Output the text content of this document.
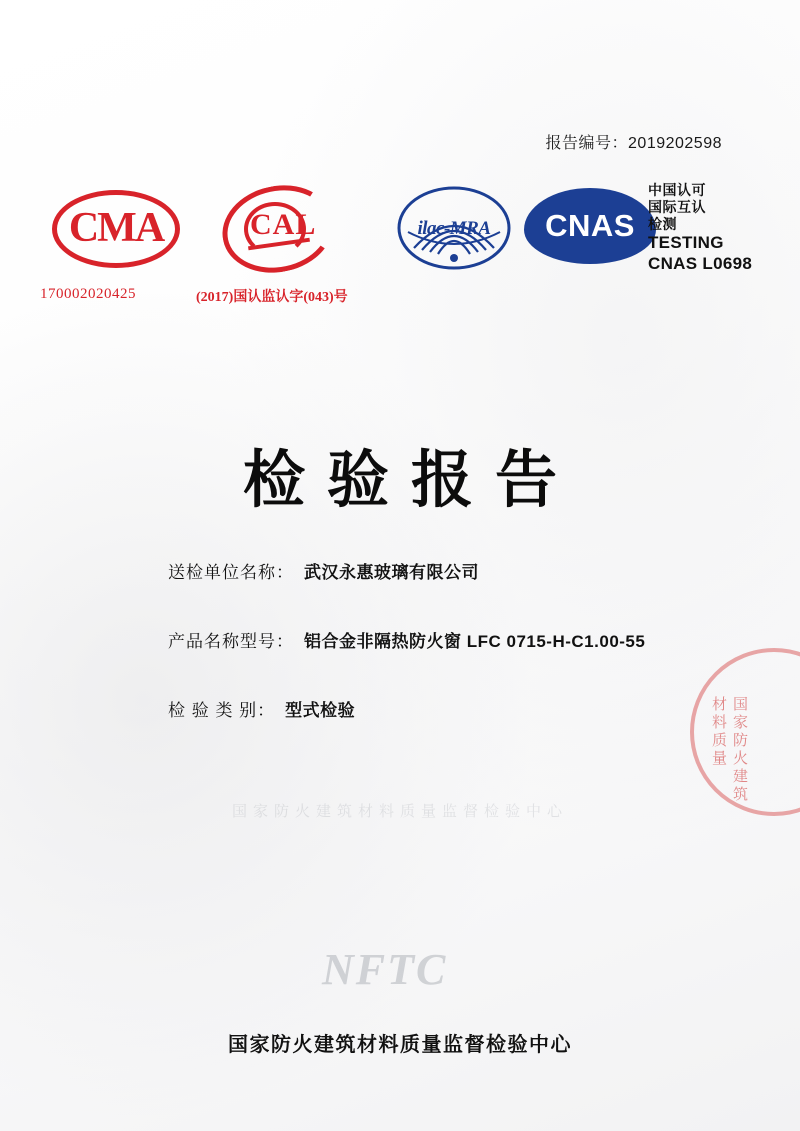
报告编号：2019202598
CMA
170002020425
CAL
(2017)国认监认字(043)号
ilac-MRA	CNAS
中国认可
国际互认
检测
TESTING
CNAS L0698
检验报告
国家防火建筑材料质量监督检验中心
送检单位名称： 武汉永惠玻璃有限公司
产品名称型号： 铝合金非隔热防火窗 LFC 0715-H-C1.00-55
检 验 类 别： 型式检验	国家防火建筑材料质量
NFTC
国家防火建筑材料质量监督检验中心
